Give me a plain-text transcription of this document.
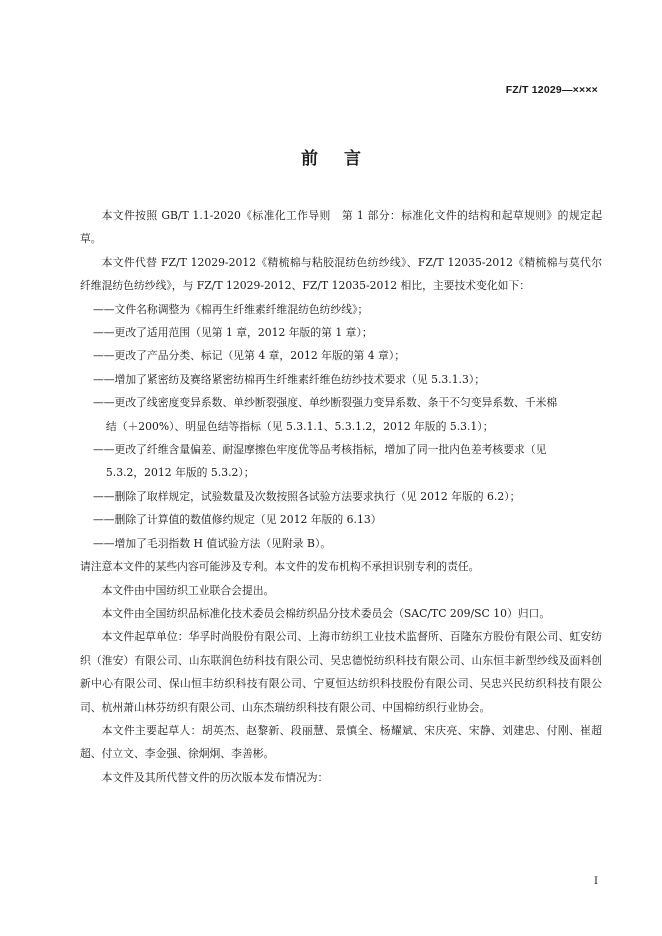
FZ/T 12029—××××
前言

本文件按照 GB/T 1.1-2020《标准化工作导则　第 1 部分：标准化文件的结构和起草规则》的规定起草。

本文件代替 FZ/T 12029-2012《精梳棉与粘胶混纺色纺纱线》、FZ/T 12035-2012《精梳棉与莫代尔纤维混纺色纺纱线》，与 FZ/T 12029-2012、FZ/T 12035-2012 相比，主要技术变化如下：

——文件名称调整为《棉再生纤维素纤维混纺色纺纱线》；

——更改了适用范围（见第 1 章，2012 年版的第 1 章）；

——更改了产品分类、标记（见第 4 章，2012 年版的第 4 章）；

——增加了紧密纺及赛络紧密纺棉再生纤维素纤维色纺纱技术要求（见 5.3.1.3）；

——更改了线密度变异系数、单纱断裂强度、单纱断裂强力变异系数、条干不匀变异系数、千米棉
结（＋200%）、明显色结等指标（见 5.3.1.1、5.3.1.2，2012 年版的 5.3.1）；
——更改了纤维含量偏差、耐湿摩擦色牢度优等品考核指标，增加了同一批内色差考核要求（见
5.3.2，2012 年版的 5.3.2）；

——删除了取样规定，试验数量及次数按照各试验方法要求执行（见 2012 年版的 6.2）；

——删除了计算值的数值修约规定（见 2012 年版的 6.13）

——增加了毛羽指数 H 值试验方法（见附录 B）。

请注意本文件的某些内容可能涉及专利。本文件的发布机构不承担识别专利的责任。

本文件由中国纺织工业联合会提出。

本文件由全国纺织品标准化技术委员会棉纺织品分技术委员会（SAC/TC 209/SC 10）归口。

本文件起草单位：华孚时尚股份有限公司、上海市纺织工业技术监督所、百隆东方股份有限公司、虹安纺织（淮安）有限公司、山东联润色纺科技有限公司、吴忠德悦纺织科技有限公司、山东恒丰新型纱线及面料创新中心有限公司、保山恒丰纺织科技有限公司、宁夏恒达纺织科技股份有限公司、吴忠兴民纺织科技有限公司、杭州萧山林芬纺织有限公司、山东杰瑞纺织科技有限公司、中国棉纺织行业协会。

本文件主要起草人：胡英杰、赵黎新、段丽慧、景慎全、杨耀斌、宋庆亮、宋静、刘建忠、付刚、崔超超、付立文、李金强、徐炯炯、李善彬。

本文件及其所代替文件的历次版本发布情况为：

I
